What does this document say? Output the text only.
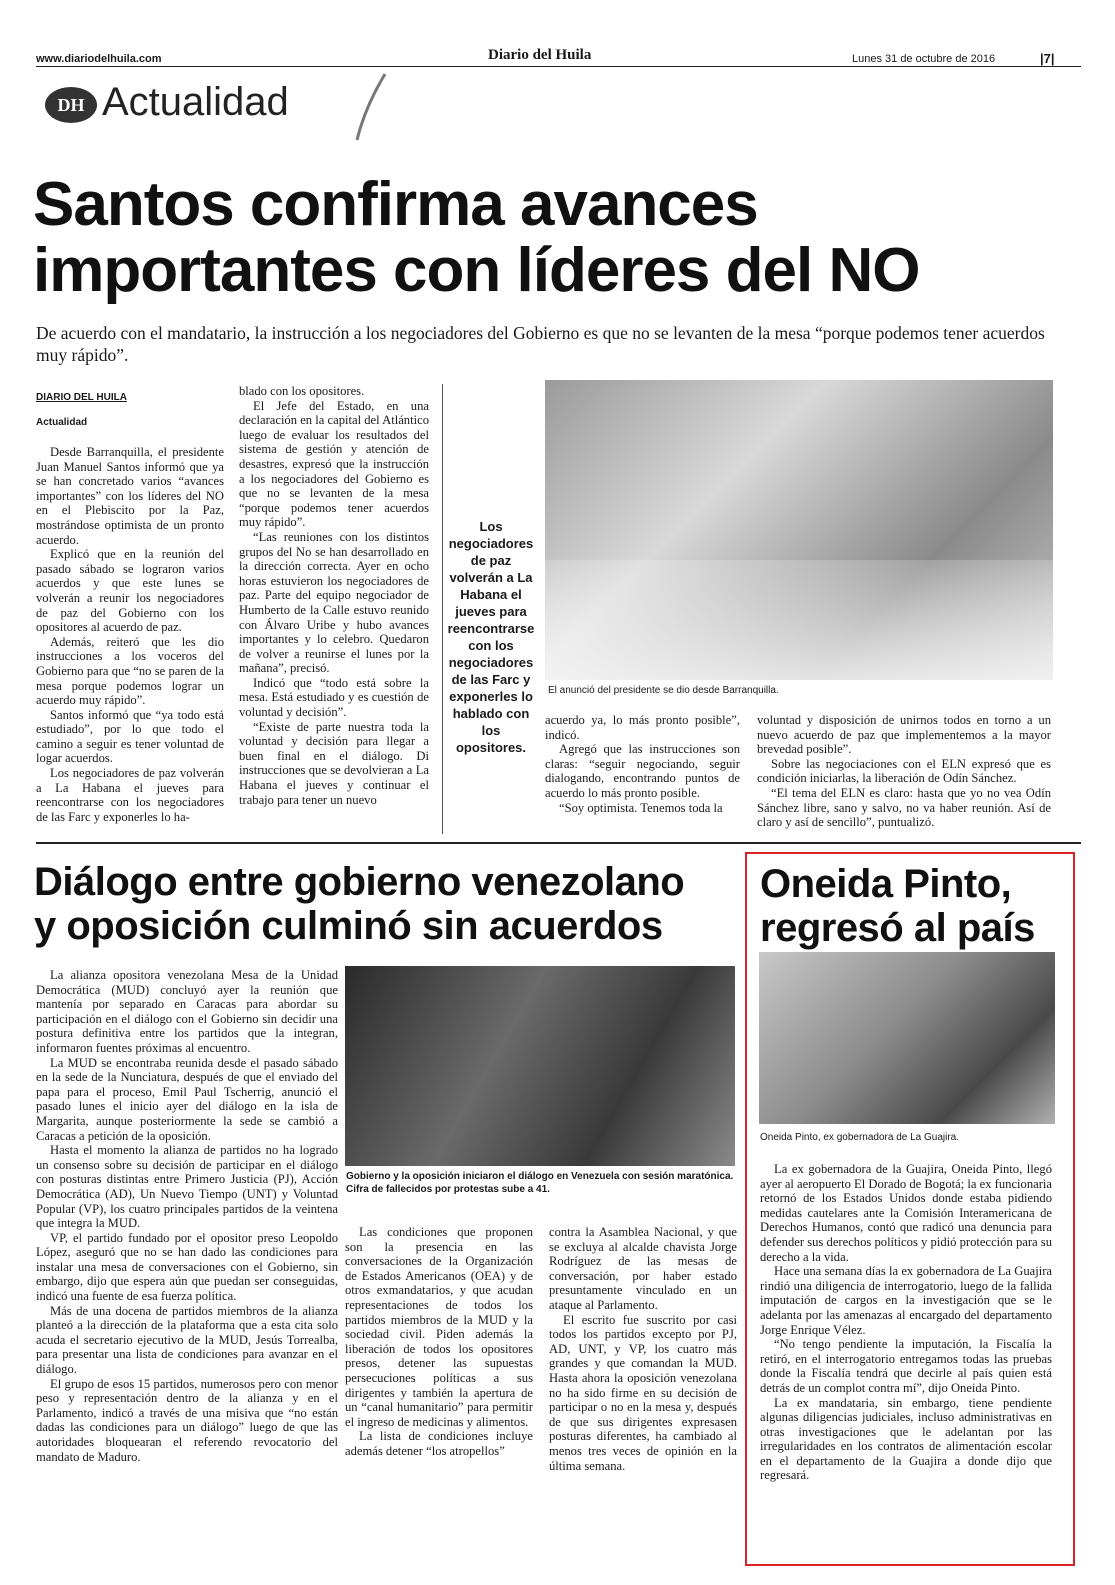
www.diariodelhuila.com	Diario del Huila	Lunes 31 de octubre de 2016	|7|
DH Actualidad
Santos confirma avances
importantes con líderes del NO
De acuerdo con el mandatario, la instrucción a los negociadores del Gobierno es que no se levanten de la mesa “porque podemos tener acuerdos muy rápido”.
DIARIO DEL HUILA
Actualidad

Desde Barranquilla, el presidente Juan Manuel Santos informó que ya se han concretado varios “avances importantes” con los líderes del NO en el Plebiscito por la Paz, mostrándose optimista de un pronto acuerdo.

Explicó que en la reunión del pasado sábado se lograron varios acuerdos y que este lunes se volverán a reunir los negociadores de paz del Gobierno con los opositores al acuerdo de paz.

Además, reiteró que les dio instrucciones a los voceros del Gobierno para que “no se paren de la mesa porque podemos lograr un acuerdo muy rápido”.

Santos informó que “ya todo está estudiado”, por lo que todo el camino a seguir es tener voluntad de logar acuerdos.

Los negociadores de paz volverán a La Habana el jueves para reencontrarse con los negociadores de las Farc y exponerles lo ha-

blado con los opositores.

El Jefe del Estado, en una declaración en la capital del Atlántico luego de evaluar los resultados del sistema de gestión y atención de desastres, expresó que la instrucción a los negociadores del Gobierno es que no se levanten de la mesa “porque podemos tener acuerdos muy rápido”.

“Las reuniones con los distintos grupos del No se han desarrollado en la dirección correcta. Ayer en ocho horas estuvieron los negociadores de paz. Parte del equipo negociador de Humberto de la Calle estuvo reunido con Álvaro Uribe y hubo avances importantes y lo celebro. Quedaron de volver a reunirse el lunes por la mañana”, precisó.

Indicó que “todo está sobre la mesa. Está estudiado y es cuestión de voluntad y decisión”.

“Existe de parte nuestra toda la voluntad y decisión para llegar a buen final en el diálogo. Di instrucciones que se devolvieran a La Habana el jueves y continuar el trabajo para tener un nuevo

Los negociadores de paz volverán a La Habana el jueves para reencontrarse con los negociadores de las Farc y exponerles lo hablado con los opositores.
El anunció del presidente se dio desde Barranquilla.

acuerdo ya, lo más pronto posible”, indicó.

Agregó que las instrucciones son claras: “seguir negociando, seguir dialogando, encontrando puntos de acuerdo lo más pronto posible.

“Soy optimista. Tenemos toda la

voluntad y disposición de unirnos todos en torno a un nuevo acuerdo de paz que implementemos a la mayor brevedad posible”.

Sobre las negociaciones con el ELN expresó que es condición iniciarlas, la liberación de Odín Sánchez.

“El tema del ELN es claro: hasta que yo no vea Odín Sánchez libre, sano y salvo, no va haber reunión. Así de claro y así de sencillo”, puntualizó.

Diálogo entre gobierno venezolano
y oposición culminó sin acuerdos

La alianza opositora venezolana Mesa de la Unidad Democrática (MUD) concluyó ayer la reunión que mantenía por separado en Caracas para abordar su participación en el diálogo con el Gobierno sin decidir una postura definitiva entre los partidos que la integran, informaron fuentes próximas al encuentro.

La MUD se encontraba reunida desde el pasado sábado en la sede de la Nunciatura, después de que el enviado del papa para el proceso, Emil Paul Tscherrig, anunció el pasado lunes el inicio ayer del diálogo en la isla de Margarita, aunque posteriormente la sede se cambió a Caracas a petición de la oposición.

Hasta el momento la alianza de partidos no ha logrado un consenso sobre su decisión de participar en el diálogo con posturas distintas entre Primero Justicia (PJ), Acción Democrática (AD), Un Nuevo Tiempo (UNT) y Voluntad Popular (VP), los cuatro principales partidos de la veintena que integra la MUD.

VP, el partido fundado por el opositor preso Leopoldo López, aseguró que no se han dado las condiciones para instalar una mesa de conversaciones con el Gobierno, sin embargo, dijo que espera aún que puedan ser conseguidas, indicó una fuente de esa fuerza política.

Más de una docena de partidos miembros de la alianza planteó a la dirección de la plataforma que a esta cita solo acuda el secretario ejecutivo de la MUD, Jesús Torrealba, para presentar una lista de condiciones para avanzar en el diálogo.

El grupo de esos 15 partidos, numerosos pero con menor peso y representación dentro de la alianza y en el Parlamento, indicó a través de una misiva que “no están dadas las condiciones para un diálogo” luego de que las autoridades bloquearan el referendo revocatorio del mandato de Maduro.

Gobierno y la oposición iniciaron el diálogo en Venezuela con sesión maratónica. Cifra de fallecidos por protestas sube a 41.

Las condiciones que proponen son la presencia en las conversaciones de la Organización de Estados Americanos (OEA) y de otros exmandatarios, y que acudan representaciones de todos los partidos miembros de la MUD y la sociedad civil. Piden además la liberación de todos los opositores presos, detener las supuestas persecuciones políticas a sus dirigentes y también la apertura de un “canal humanitario” para permitir el ingreso de medicinas y alimentos.

La lista de condiciones incluye además detener “los atropellos”

contra la Asamblea Nacional, y que se excluya al alcalde chavista Jorge Rodríguez de las mesas de conversación, por haber estado presuntamente vinculado en un ataque al Parlamento.

El escrito fue suscrito por casi todos los partidos excepto por PJ, AD, UNT, y VP, los cuatro más grandes y que comandan la MUD. Hasta ahora la oposición venezolana no ha sido firme en su decisión de participar o no en la mesa y, después de que sus dirigentes expresasen posturas diferentes, ha cambiado al menos tres veces de opinión en la última semana.

Oneida Pinto,
regresó al país
Oneida Pinto, ex gobernadora de La Guajira.

La ex gobernadora de la Guajira, Oneida Pinto, llegó ayer al aeropuerto El Dorado de Bogotá; la ex funcionaria retornó de los Estados Unidos donde estaba pidiendo medidas cautelares ante la Comisión Interamericana de Derechos Humanos, contó que radicó una denuncia para defender sus derechos políticos y pidió protección para su derecho a la vida.

Hace una semana días la ex gobernadora de La Guajira rindió una diligencia de interrogatorio, luego de la fallida imputación de cargos en la investigación que se le adelanta por las amenazas al encargado del departamento Jorge Enrique Vélez.

“No tengo pendiente la imputación, la Fiscalía la retiró, en el interrogatorio entregamos todas las pruebas donde la Fiscalía tendrá que decirle al país quien está detrás de un complot contra mí”, dijo Oneida Pinto.

La ex mandataria, sin embargo, tiene pendiente algunas diligencias judiciales, incluso administrativas en otras investigaciones que le adelantan por las irregularidades en los contratos de alimentación escolar en el departamento de la Guajira a donde dijo que regresará.
